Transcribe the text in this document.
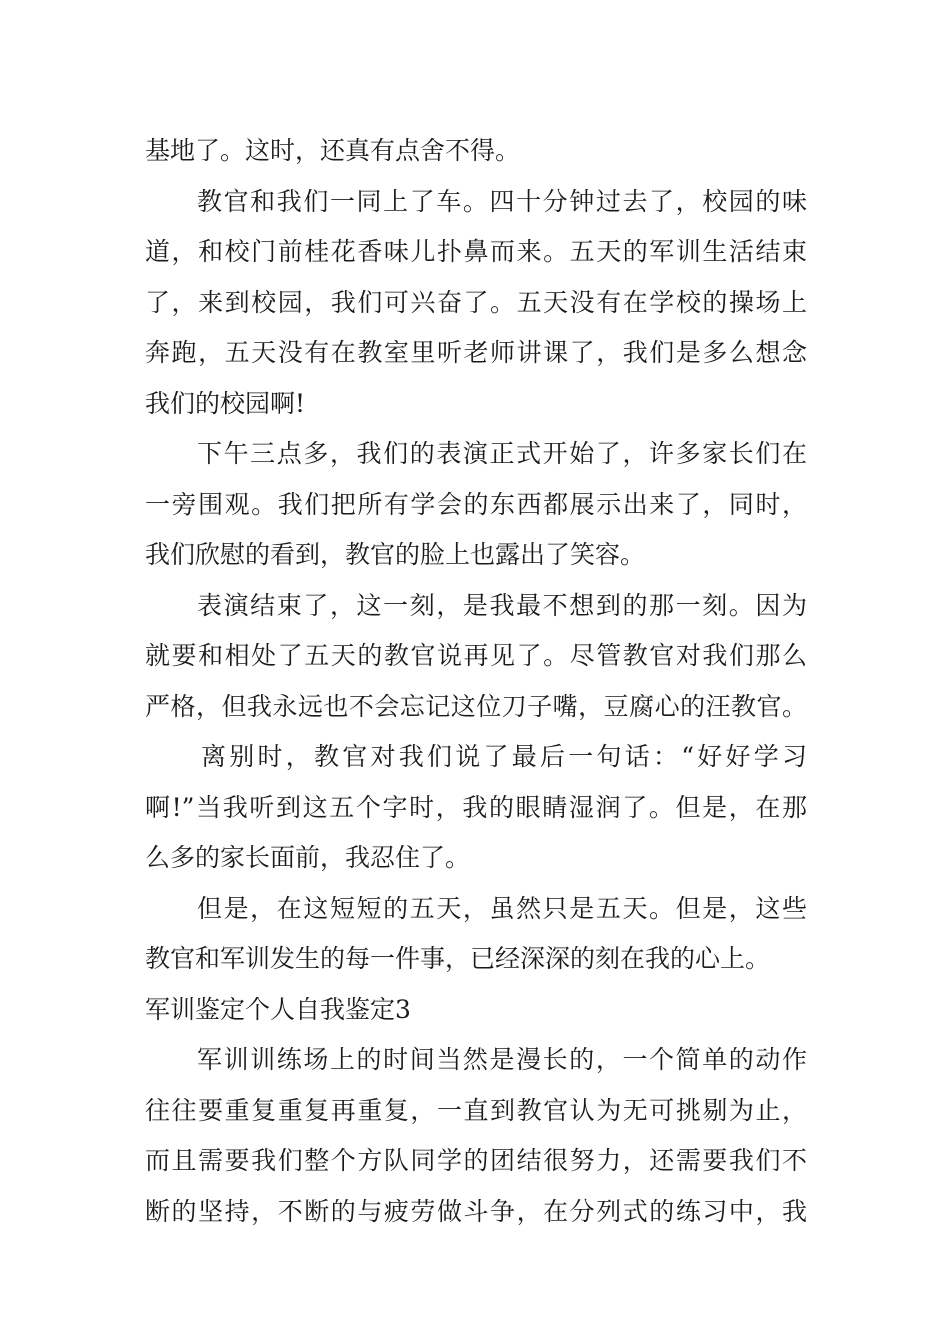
基地了。这时，还真有点舍不得。
教官和我们一同上了车。四十分钟过去了，校园的味
道，和校门前桂花香味儿扑鼻而来。五天的军训生活结束
了，来到校园，我们可兴奋了。五天没有在学校的操场上
奔跑，五天没有在教室里听老师讲课了，我们是多么想念
我们的校园啊!
下午三点多，我们的表演正式开始了，许多家长们在
一旁围观。我们把所有学会的东西都展示出来了，同时，
我们欣慰的看到，教官的脸上也露出了笑容。
表演结束了，这一刻，是我最不想到的那一刻。因为
就要和相处了五天的教官说再见了。尽管教官对我们那么
严格，但我永远也不会忘记这位刀子嘴，豆腐心的汪教官。
离别时，教官对我们说了最后一句话：“好好学习
啊!”当我听到这五个字时，我的眼睛湿润了。但是，在那
么多的家长面前，我忍住了。
但是，在这短短的五天，虽然只是五天。但是，这些
教官和军训发生的每一件事，已经深深的刻在我的心上。
军训鉴定个人自我鉴定3
军训训练场上的时间当然是漫长的，一个简单的动作
往往要重复重复再重复，一直到教官认为无可挑剔为止，
而且需要我们整个方队同学的团结很努力，还需要我们不
断的坚持，不断的与疲劳做斗争，在分列式的练习中，我
